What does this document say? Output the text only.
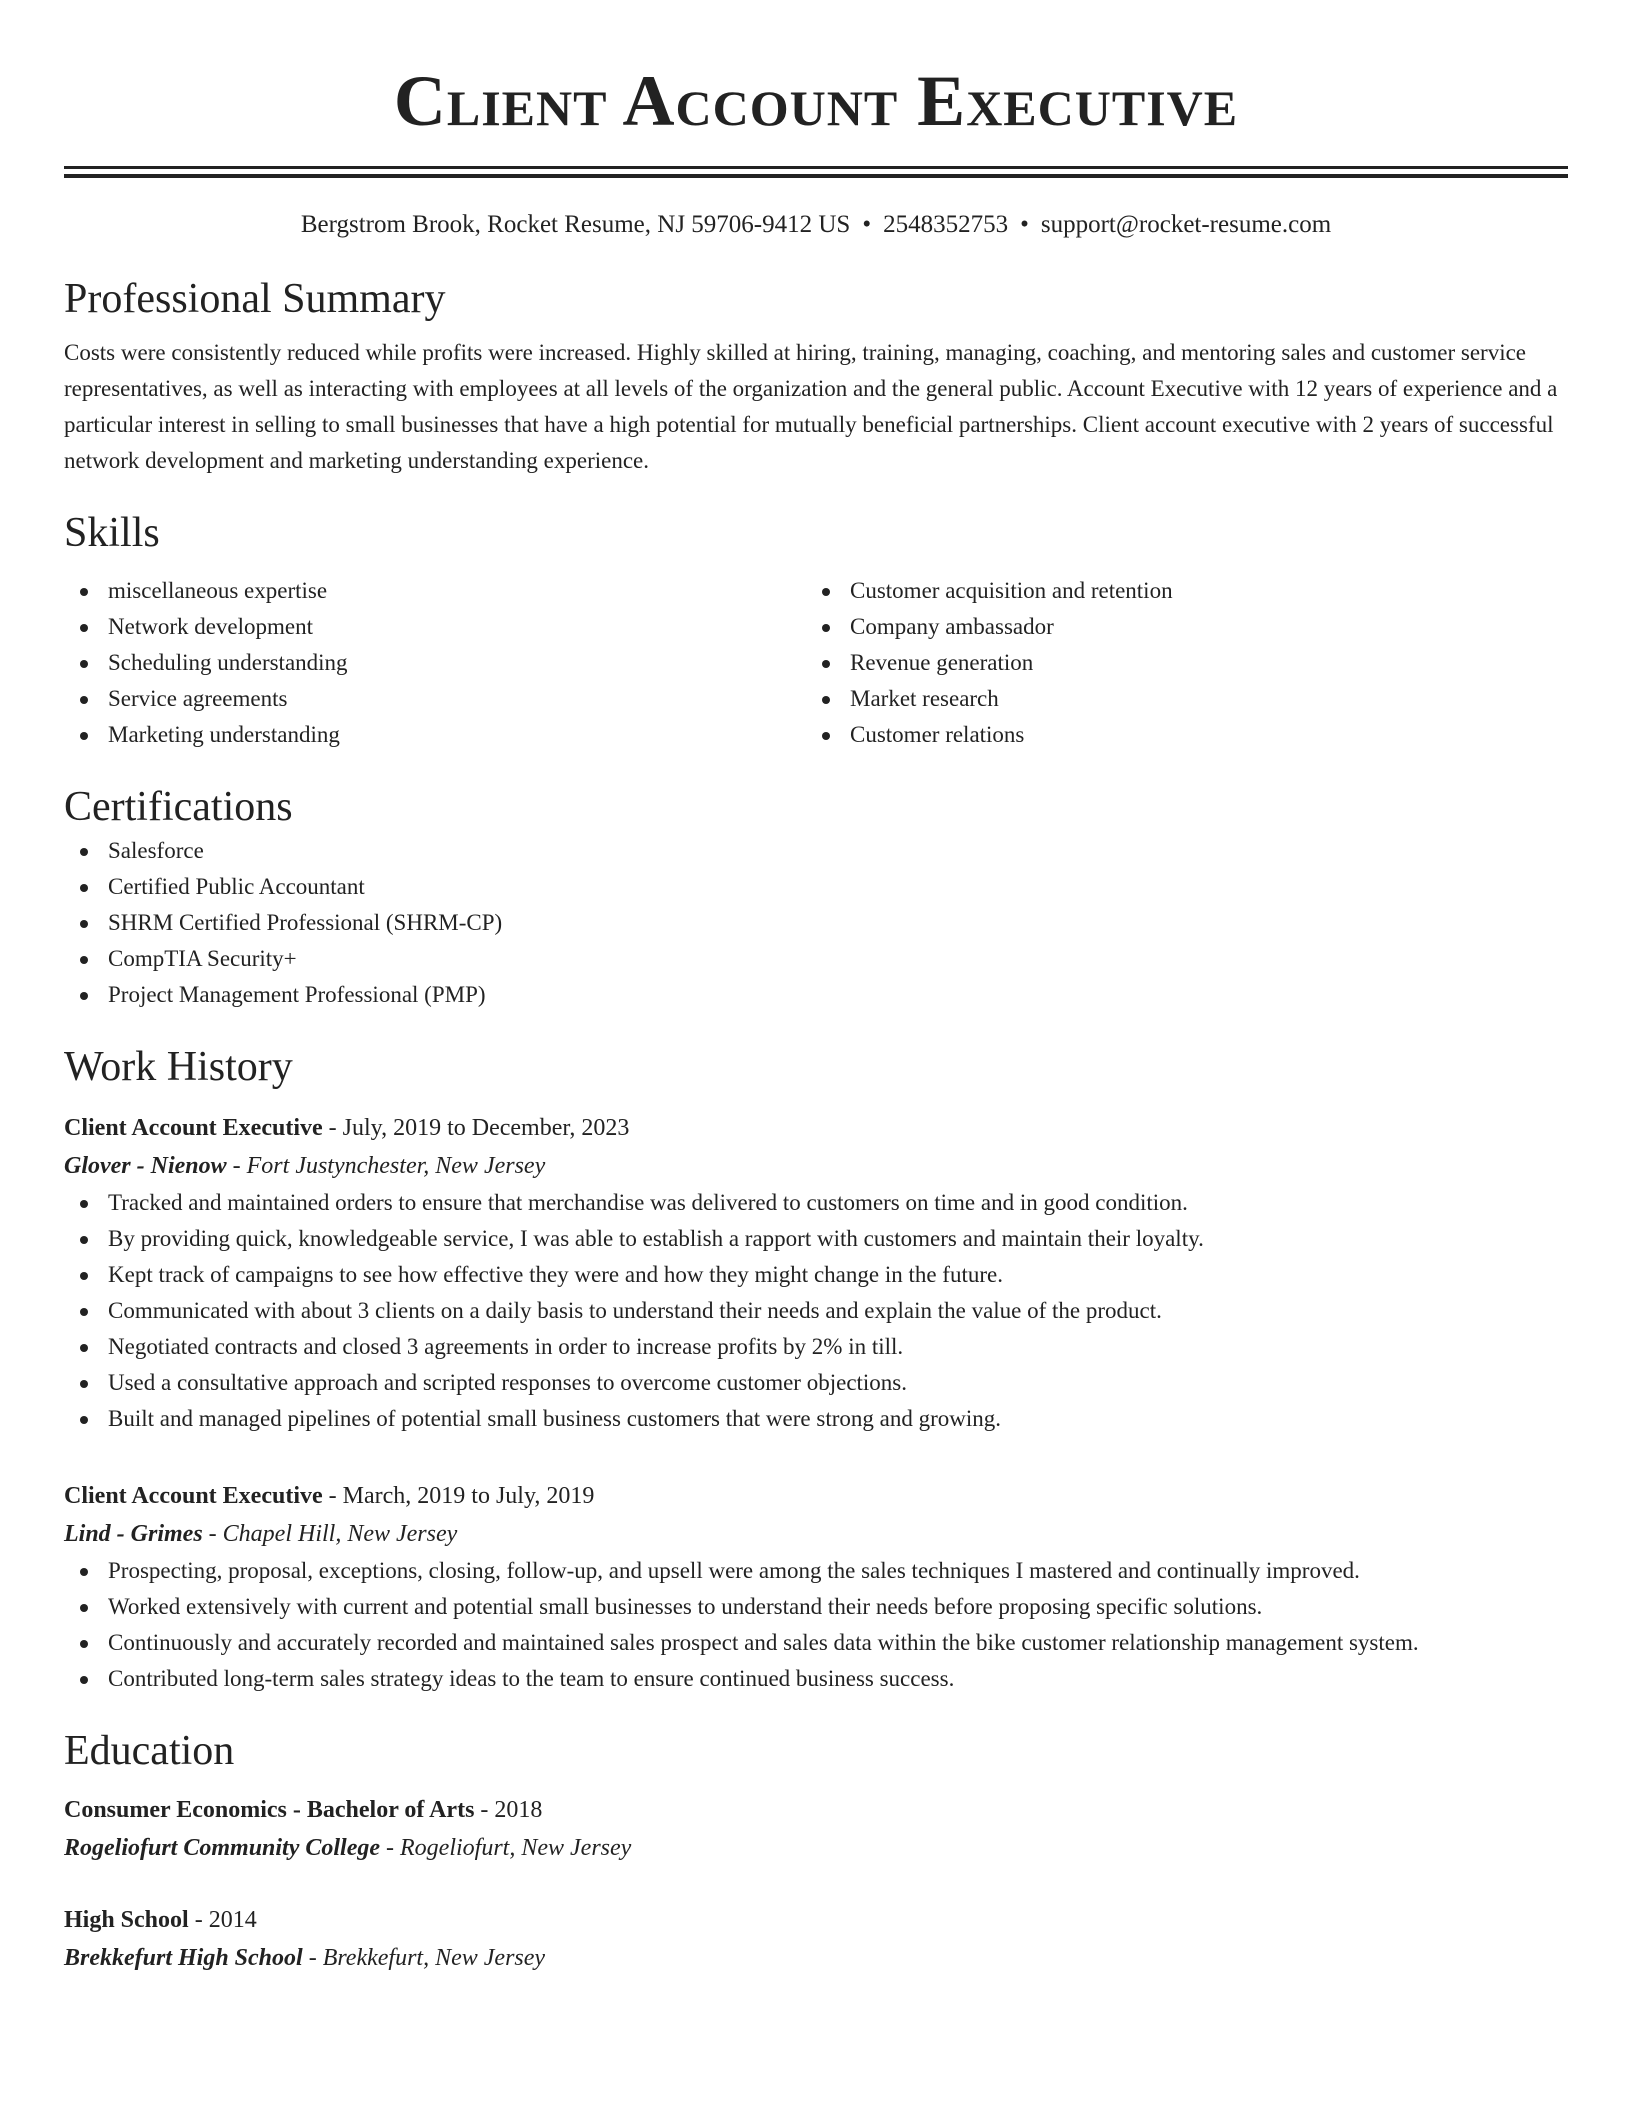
Client Account Executive
Bergstrom Brook, Rocket Resume, NJ 59706-9412 US • 2548352753 • support@rocket-resume.com
Professional Summary
Costs were consistently reduced while profits were increased. Highly skilled at hiring, training, managing, coaching, and mentoring sales and customer service representatives, as well as interacting with employees at all levels of the organization and the general public. Account Executive with 12 years of experience and a particular interest in selling to small businesses that have a high potential for mutually beneficial partnerships. Client account executive with 2 years of successful network development and marketing understanding experience.
Skills
miscellaneous expertise
Network development
Scheduling understanding
Service agreements
Marketing understanding
Customer acquisition and retention
Company ambassador
Revenue generation
Market research
Customer relations
Certifications
Salesforce
Certified Public Accountant
SHRM Certified Professional (SHRM-CP)
CompTIA Security+
Project Management Professional (PMP)
Work History
Client Account Executive - July, 2019 to December, 2023
Glover - Nienow - Fort Justynchester, New Jersey
Tracked and maintained orders to ensure that merchandise was delivered to customers on time and in good condition.
By providing quick, knowledgeable service, I was able to establish a rapport with customers and maintain their loyalty.
Kept track of campaigns to see how effective they were and how they might change in the future.
Communicated with about 3 clients on a daily basis to understand their needs and explain the value of the product.
Negotiated contracts and closed 3 agreements in order to increase profits by 2% in till.
Used a consultative approach and scripted responses to overcome customer objections.
Built and managed pipelines of potential small business customers that were strong and growing.
Client Account Executive - March, 2019 to July, 2019
Lind - Grimes - Chapel Hill, New Jersey
Prospecting, proposal, exceptions, closing, follow-up, and upsell were among the sales techniques I mastered and continually improved.
Worked extensively with current and potential small businesses to understand their needs before proposing specific solutions.
Continuously and accurately recorded and maintained sales prospect and sales data within the bike customer relationship management system.
Contributed long-term sales strategy ideas to the team to ensure continued business success.
Education
Consumer Economics - Bachelor of Arts - 2018
Rogeliofurt Community College - Rogeliofurt, New Jersey
High School - 2014
Brekkefurt High School - Brekkefurt, New Jersey
